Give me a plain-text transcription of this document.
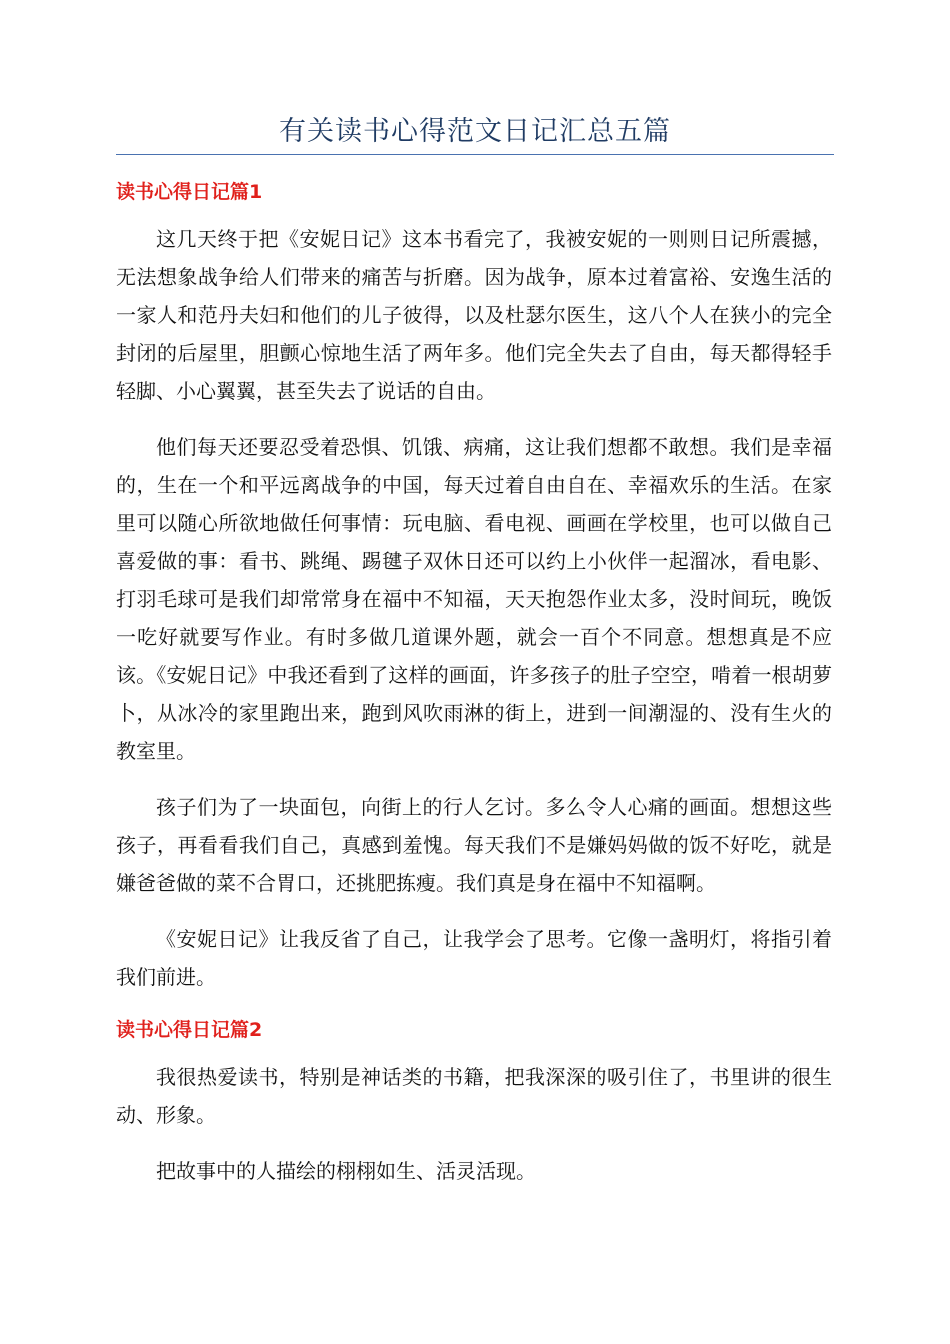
有关读书心得范文日记汇总五篇
读书心得日记篇1

这几天终于把《安妮日记》这本书看完了，我被安妮的一则则日记所震撼，无法想象战争给人们带来的痛苦与折磨。因为战争，原本过着富裕、安逸生活的一家人和范丹夫妇和他们的儿子彼得，以及杜瑟尔医生，这八个人在狭小的完全封闭的后屋里，胆颤心惊地生活了两年多。他们完全失去了自由，每天都得轻手轻脚、小心翼翼，甚至失去了说话的自由。

他们每天还要忍受着恐惧、饥饿、病痛，这让我们想都不敢想。我们是幸福的，生在一个和平远离战争的中国，每天过着自由自在、幸福欢乐的生活。在家里可以随心所欲地做任何事情：玩电脑、看电视、画画在学校里，也可以做自己喜爱做的事：看书、跳绳、踢毽子双休日还可以约上小伙伴一起溜冰，看电影、打羽毛球可是我们却常常身在福中不知福，天天抱怨作业太多，没时间玩，晚饭一吃好就要写作业。有时多做几道课外题，就会一百个不同意。想想真是不应该。《安妮日记》中我还看到了这样的画面，许多孩子的肚子空空，啃着一根胡萝卜，从冰冷的家里跑出来，跑到风吹雨淋的街上，进到一间潮湿的、没有生火的教室里。

孩子们为了一块面包，向街上的行人乞讨。多么令人心痛的画面。想想这些孩子，再看看我们自己，真感到羞愧。每天我们不是嫌妈妈做的饭不好吃，就是嫌爸爸做的菜不合胃口，还挑肥拣瘦。我们真是身在福中不知福啊。

《安妮日记》让我反省了自己，让我学会了思考。它像一盏明灯，将指引着我们前进。

读书心得日记篇2

我很热爱读书，特别是神话类的书籍，把我深深的吸引住了，书里讲的很生动、形象。

把故事中的人描绘的栩栩如生、活灵活现。
